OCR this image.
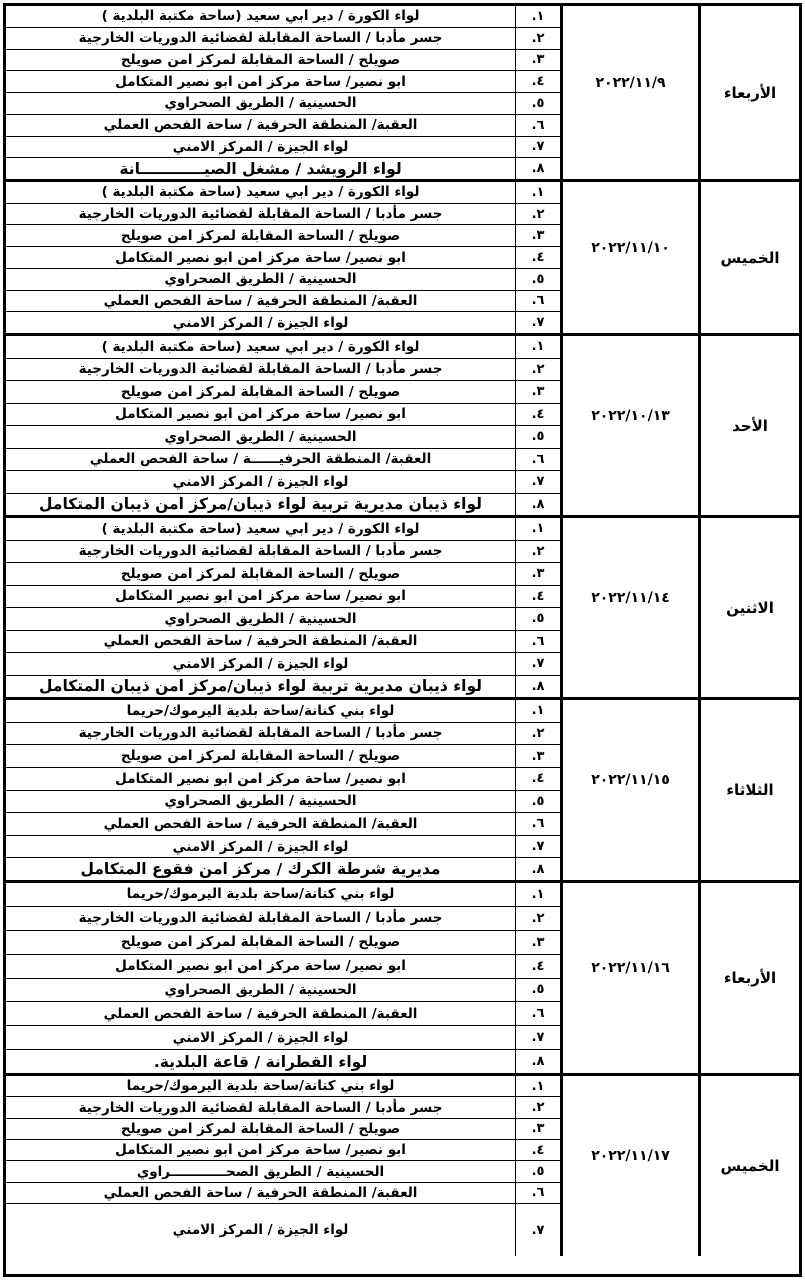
الأربعاء
٢٠٢٢/١١/٩
١.
لواء الكورة / دير ابي سعيد (ساحة مكتبة البلدية )
٢.
جسر مأدبا / الساحة المقابلة لقضائية الدوريات الخارجية
٣.
صويلح / الساحة المقابلة لمركز امن صويلح
٤.
ابو نصير/ ساحة مركز امن ابو نصير المتكامل
٥.
الحسينية / الطريق الصحراوي
٦.
العقبة/ المنطقة الحرفية / ساحة الفحص العملي
٧.
لواء الجيزة / المركز الامني
٨.
لواء الرويشد / مشغل الصيــــــــــــانة
الخميس
٢٠٢٢/١١/١٠
١.
لواء الكورة / دير ابي سعيد (ساحة مكتبة البلدية )
٢.
جسر مأدبا / الساحة المقابلة لقضائية الدوريات الخارجية
٣.
صويلح / الساحة المقابلة لمركز امن صويلح
٤.
ابو نصير/ ساحة مركز امن ابو نصير المتكامل
٥.
الحسينية / الطريق الصحراوي
٦.
العقبة/ المنطقة الحرفية / ساحة الفحص العملي
٧.
لواء الجيزة / المركز الامني
الأحد
٢٠٢٢/١٠/١٣
١.
لواء الكورة / دير ابي سعيد (ساحة مكتبة البلدية )
٢.
جسر مأدبا / الساحة المقابلة لقضائية الدوريات الخارجية
٣.
صويلح / الساحة المقابلة لمركز امن صويلح
٤.
ابو نصير/ ساحة مركز امن ابو نصير المتكامل
٥.
الحسينية / الطريق الصحراوي
٦.
العقبة/ المنطقة الحرفيــــــة / ساحة الفحص العملي
٧.
لواء الجيزة / المركز الامني
٨.
لواء ذيبان مديرية تربية لواء ذيبان/مركز امن ذيبان المتكامل
الاثنين
٢٠٢٢/١١/١٤
١.
لواء الكورة / دير ابي سعيد (ساحة مكتبة البلدية )
٢.
جسر مأدبا / الساحة المقابلة لقضائية الدوريات الخارجية
٣.
صويلح / الساحة المقابلة لمركز امن صويلح
٤.
ابو نصير/ ساحة مركز امن ابو نصير المتكامل
٥.
الحسينية / الطريق الصحراوي
٦.
العقبة/ المنطقة الحرفية / ساحة الفحص العملي
٧.
لواء الجيزة / المركز الامني
٨.
لواء ذيبان مديرية تربية لواء ذيبان/مركز امن ذيبان المتكامل
الثلاثاء
٢٠٢٢/١١/١٥
١.
لواء بني كنانة/ساحة بلدية اليرموك/حريما
٢.
جسر مأدبا / الساحة المقابلة لقضائية الدوريات الخارجية
٣.
صويلح / الساحة المقابلة لمركز امن صويلح
٤.
ابو نصير/ ساحة مركز امن ابو نصير المتكامل
٥.
الحسينية / الطريق الصحراوي
٦.
العقبة/ المنطقة الحرفية / ساحة الفحص العملي
٧.
لواء الجيزة / المركز الامني
٨.
مديرية شرطة الكرك / مركز امن فقوع المتكامل
الأربعاء
٢٠٢٢/١١/١٦
١.
لواء بني كنانة/ساحة بلدية اليرموك/حريما
٢.
جسر مأدبا / الساحة المقابلة لقضائية الدوريات الخارجية
٣.
صويلح / الساحة المقابلة لمركز امن صويلح
٤.
ابو نصير/ ساحة مركز امن ابو نصير المتكامل
٥.
الحسينية / الطريق الصحراوي
٦.
العقبة/ المنطقة الحرفية / ساحة الفحص العملي
٧.
لواء الجيزة / المركز الامني
٨.
لواء القطرانة / قاعة البلدية.
الخميس
٢٠٢٢/١١/١٧
١.
لواء بني كنانة/ساحة بلدية اليرموك/حريما
٢.
جسر مأدبا / الساحة المقابلة لقضائية الدوريات الخارجية
٣.
صويلح / الساحة المقابلة لمركز امن صويلح
٤.
ابو نصير/ ساحة مركز امن ابو نصير المتكامل
٥.
الحسينية / الطريق الصحــــــــــــراوي
٦.
العقبة/ المنطقة الحرفية / ساحة الفحص العملي
٧.
لواء الجيزة / المركز الامني
